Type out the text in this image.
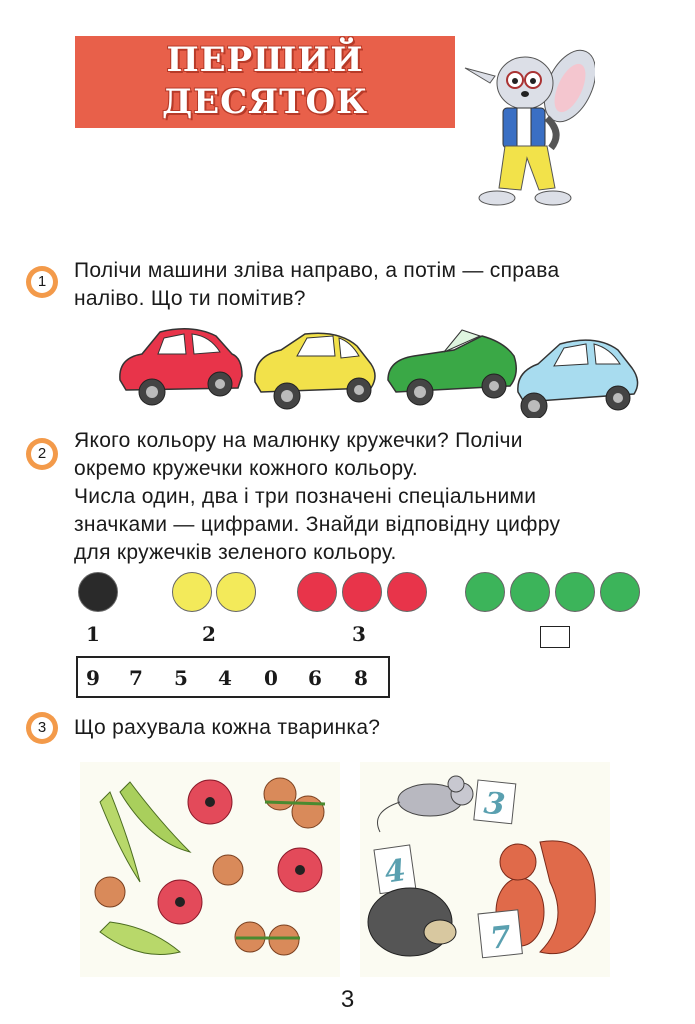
ПЕРШИЙ
ДЕСЯТОК
1	Полічи машини зліва направо, а потім — справа
наліво. Що ти помітив?
2
Якого кольору на малюнку кружечки? Полічи
окремо кружечки кожного кольору.
Числа один, два і три позначені спеціальними
значками — цифрами. Знайди відповідну цифру
для кружечків зеленого кольору.
1	2	3
9 7 5 4 0 6 8
3	Що рахувала кожна тваринка?
3
4
7
3
